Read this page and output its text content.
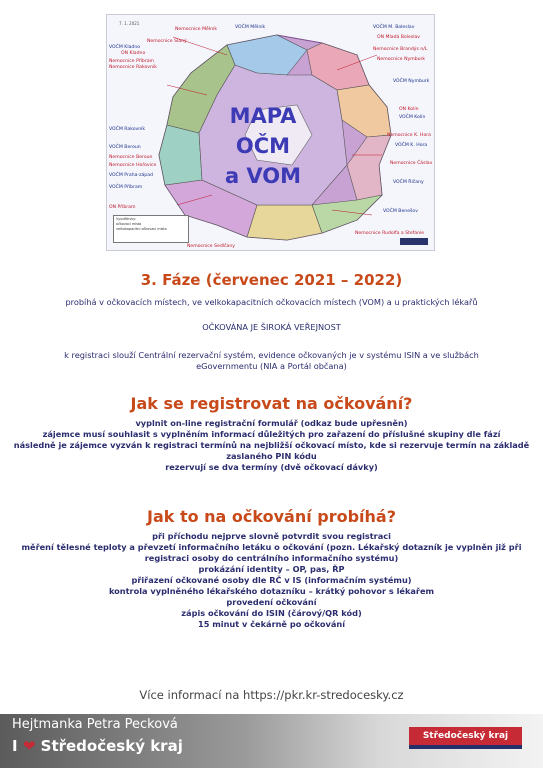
7. 1. 2021
Nemocnice Mělník
Nemocnice Slaný
Nemocnice Rakovník
Nemocnice Beroun
Nemocnice Hořovice
Nemocnice Sedlčany
Nemocnice Rudolfa a Stefanie
Nemocnice Čáslav
Nemocnice K. Hora
ON Kolín
ON Mladá Boleslav
Nemocnice Brandýs n/L
Nemocnice Nymburk
Nemocnice Příbram
ON Kladno
ON Příbram
VOČM Mělník	VOČM M. Boleslav
VOČM Kladno
VOČM Nymburk
VOČM Kolín
VOČM K. Hora
VOČM Říčany
VOČM Benešov
VOČM Rakovník
VOČM Beroun
VOČM Praha-západ
VOČM Příbram
MAPA OČM
a VOM
Vysvětlivky:
očkovací místo
velkokapacitní očkovací místo
3. Fáze (červenec 2021 – 2022)
probíhá v očkovacích místech, ve velkokapacitních očkovacích místech (VOM) a u praktických lékařů
OČKOVÁNA JE ŠIROKÁ VEŘEJNOST
k registraci slouží Centrální rezervační systém, evidence očkovaných je v systému ISIN a ve službách
eGovernmentu (NIA a Portál občana)
Jak se registrovat na očkování?
vyplnit on-line registrační formulář (odkaz bude upřesněn)
zájemce musí souhlasit s vyplněním informací důležitých pro zařazení do příslušné skupiny dle fází
následně je zájemce vyzván k registraci termínů na nejbližší očkovací místo, kde si rezervuje termín na základě
zaslaného PIN kódu
rezervují se dva termíny (dvě očkovací dávky)
Jak to na očkování probíhá?
při příchodu nejprve slovně potvrdit svou registraci
měření tělesné teploty a převzetí informačního letáku o očkování (pozn. Lékařský dotazník je vyplněn již při
registraci osoby do centrálního informačního systému)
prokázání identity – OP, pas, ŘP
přiřazení očkované osoby dle RČ v IS (informačním systému)
kontrola vyplněného lékařského dotazníku – krátký pohovor s lékařem
provedení očkování
zápis očkování do ISIN (čárový/QR kód)
15 minut v čekárně po očkování
Více informací na https://pkr.kr-stredocesky.cz
Hejtmanka Petra Pecková
I ❤ Středočeský kraj
Středočeský kraj
